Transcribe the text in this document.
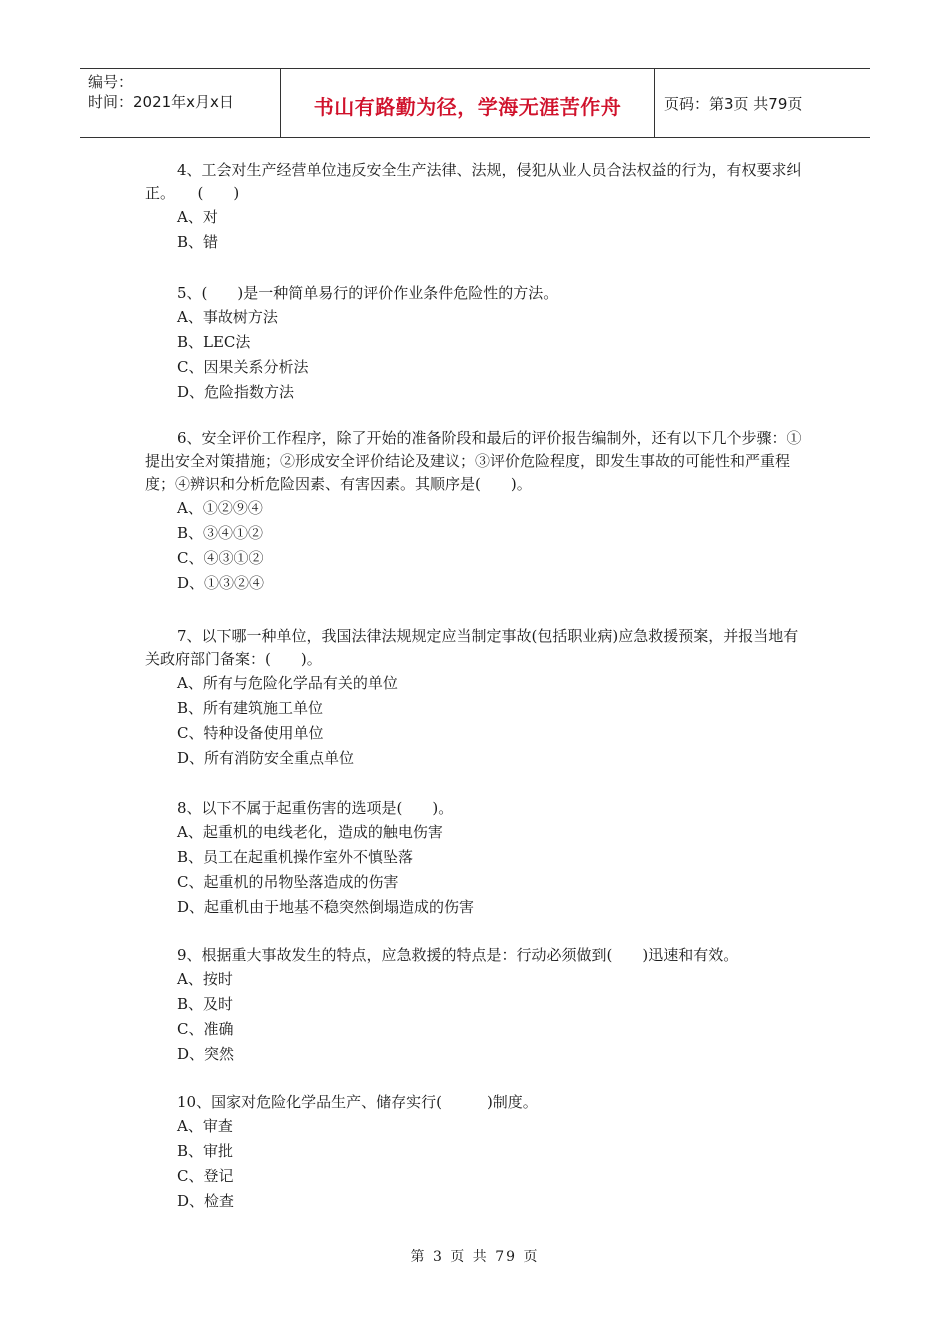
编号：
时间：2021年x月x日	书山有路勤为径，学海无涯苦作舟	页码：第3页 共79页

4、工会对生产经营单位违反安全生产法律、法规，侵犯从业人员合法权益的行为，有权要求纠正。　　(　　)

A、对
B、错

5、(　　)是一种简单易行的评价作业条件危险性的方法。

A、事故树方法
B、LEC法
C、因果关系分析法
D、危险指数方法

6、安全评价工作程序，除了开始的准备阶段和最后的评价报告编制外，还有以下几个步骤：①提出安全对策措施；②形成安全评价结论及建议；③评价危险程度，即发生事故的可能性和严重程度；④辨识和分析危险因素、有害因素。其顺序是(　　)。

A、①②⑨④
B、③④①②
C、④③①②
D、①③②④

7、以下哪一种单位，我国法律法规规定应当制定事故(包括职业病)应急救援预案，并报当地有关政府部门备案：(　　)。

A、所有与危险化学品有关的单位
B、所有建筑施工单位
C、特种设备使用单位
D、所有消防安全重点单位

8、以下不属于起重伤害的选项是(　　)。

A、起重机的电线老化，造成的触电伤害
B、员工在起重机操作室外不慎坠落
C、起重机的吊物坠落造成的伤害
D、起重机由于地基不稳突然倒塌造成的伤害

9、根据重大事故发生的特点，应急救援的特点是：行动必须做到(　　)迅速和有效。

A、按时
B、及时
C、准确
D、突然

10、国家对危险化学品生产、储存实行(　　　)制度。

A、审查
B、审批
C、登记
D、检查
第 3 页 共 79 页
